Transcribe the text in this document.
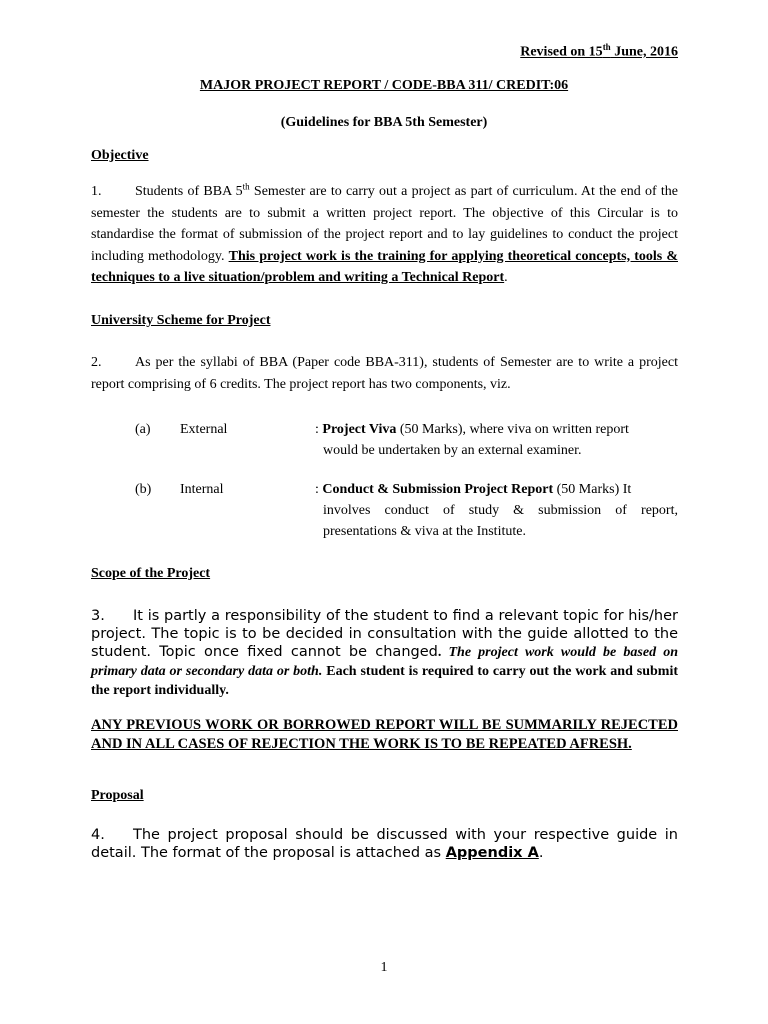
Revised on 15th June, 2016
MAJOR PROJECT REPORT / CODE-BBA 311/ CREDIT:06
(Guidelines for BBA 5th Semester)
Objective
1. Students of BBA 5th Semester are to carry out a project as part of curriculum. At the end of the semester the students are to submit a written project report. The objective of this Circular is to standardise the format of submission of the project report and to lay guidelines to conduct the project including methodology. This project work is the training for applying theoretical concepts, tools & techniques to a live situation/problem and writing a Technical Report.
University Scheme for Project
2. As per the syllabi of BBA (Paper code BBA-311), students of Semester are to write a project report comprising of 6 credits. The project report has two components, viz.
(a) External	: Project Viva (50 Marks), where viva on written report
would be undertaken by an external examiner.
(b) Internal	: Conduct & Submission Project Report (50 Marks) It
involves conduct of study & submission of report, presentations & viva at the Institute.
Scope of the Project
3. It is partly a responsibility of the student to find a relevant topic for his/her project. The topic is to be decided in consultation with the guide allotted to the student. Topic once fixed cannot be changed. The project work would be based on primary data or secondary data or both. Each student is required to carry out the work and submit the report individually.
ANY PREVIOUS WORK OR BORROWED REPORT WILL BE SUMMARILY REJECTED AND IN ALL CASES OF REJECTION THE WORK IS TO BE REPEATED AFRESH.
Proposal
4. The project proposal should be discussed with your respective guide in detail. The format of the proposal is attached as Appendix A.
1
